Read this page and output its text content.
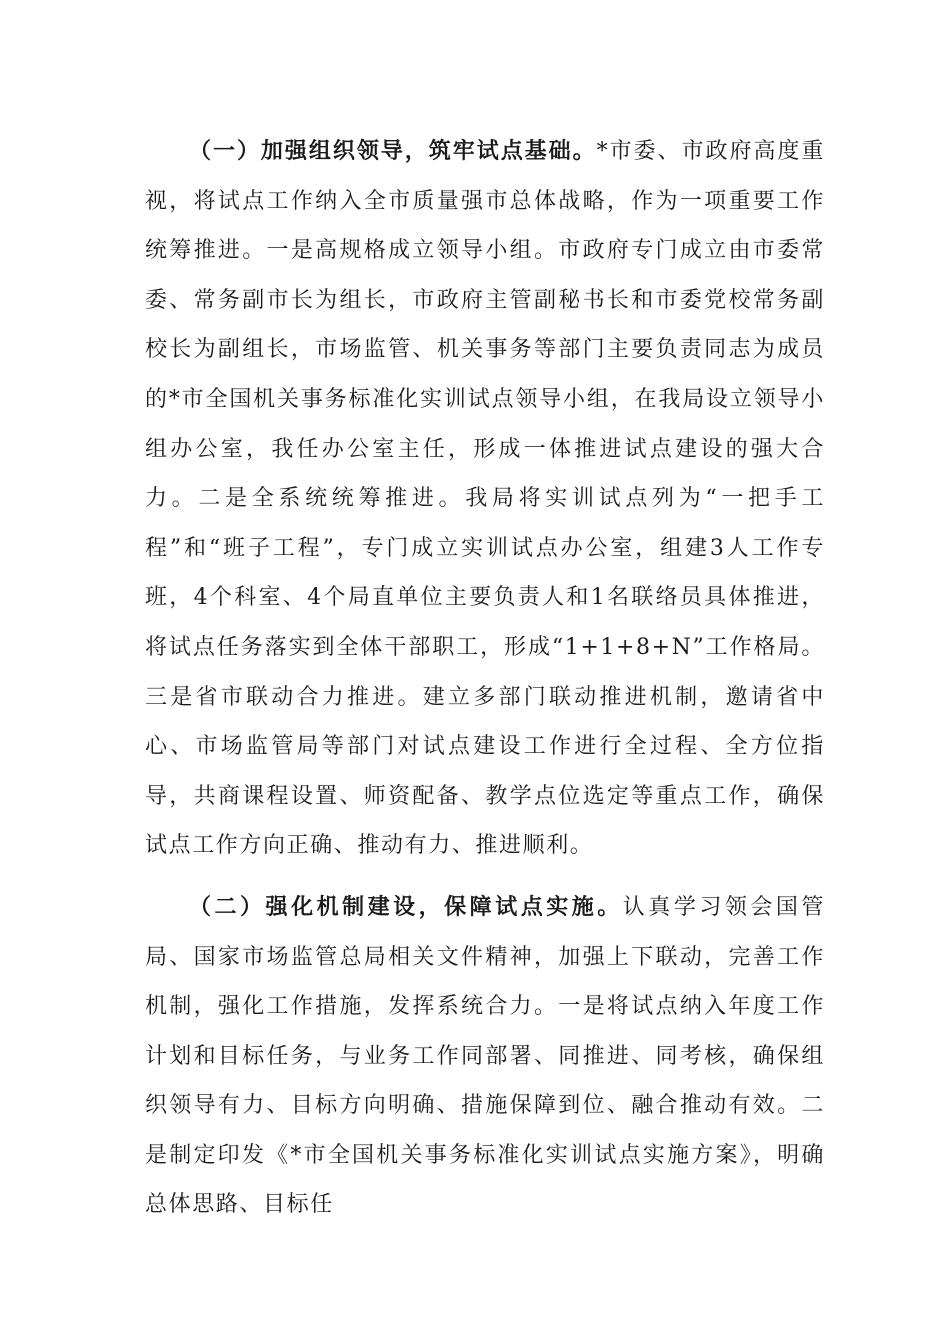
（一）加强组织领导，筑牢试点基础。*市委、市政府高度重视，将试点工作纳入全市质量强市总体战略，作为一项重要工作统筹推进。一是高规格成立领导小组。市政府专门成立由市委常委、常务副市长为组长，市政府主管副秘书长和市委党校常务副校长为副组长，市场监管、机关事务等部门主要负责同志为成员的*市全国机关事务标准化实训试点领导小组，在我局设立领导小组办公室，我任办公室主任，形成一体推进试点建设的强大合力。二是全系统统筹推进。我局将实训试点列为“一把手工程”和“班子工程”，专门成立实训试点办公室，组建3人工作专班，4个科室、4个局直单位主要负责人和1名联络员具体推进，将试点任务落实到全体干部职工，形成“1+1+8+N”工作格局。三是省市联动合力推进。建立多部门联动推进机制，邀请省中心、市场监管局等部门对试点建设工作进行全过程、全方位指导，共商课程设置、师资配备、教学点位选定等重点工作，确保试点工作方向正确、推动有力、推进顺利。

（二）强化机制建设，保障试点实施。认真学习领会国管局、国家市场监管总局相关文件精神，加强上下联动，完善工作机制，强化工作措施，发挥系统合力。一是将试点纳入年度工作计划和目标任务，与业务工作同部署、同推进、同考核，确保组织领导有力、目标方向明确、措施保障到位、融合推动有效。二是制定印发《*市全国机关事务标准化实训试点实施方案》，明确总体思路、目标任
